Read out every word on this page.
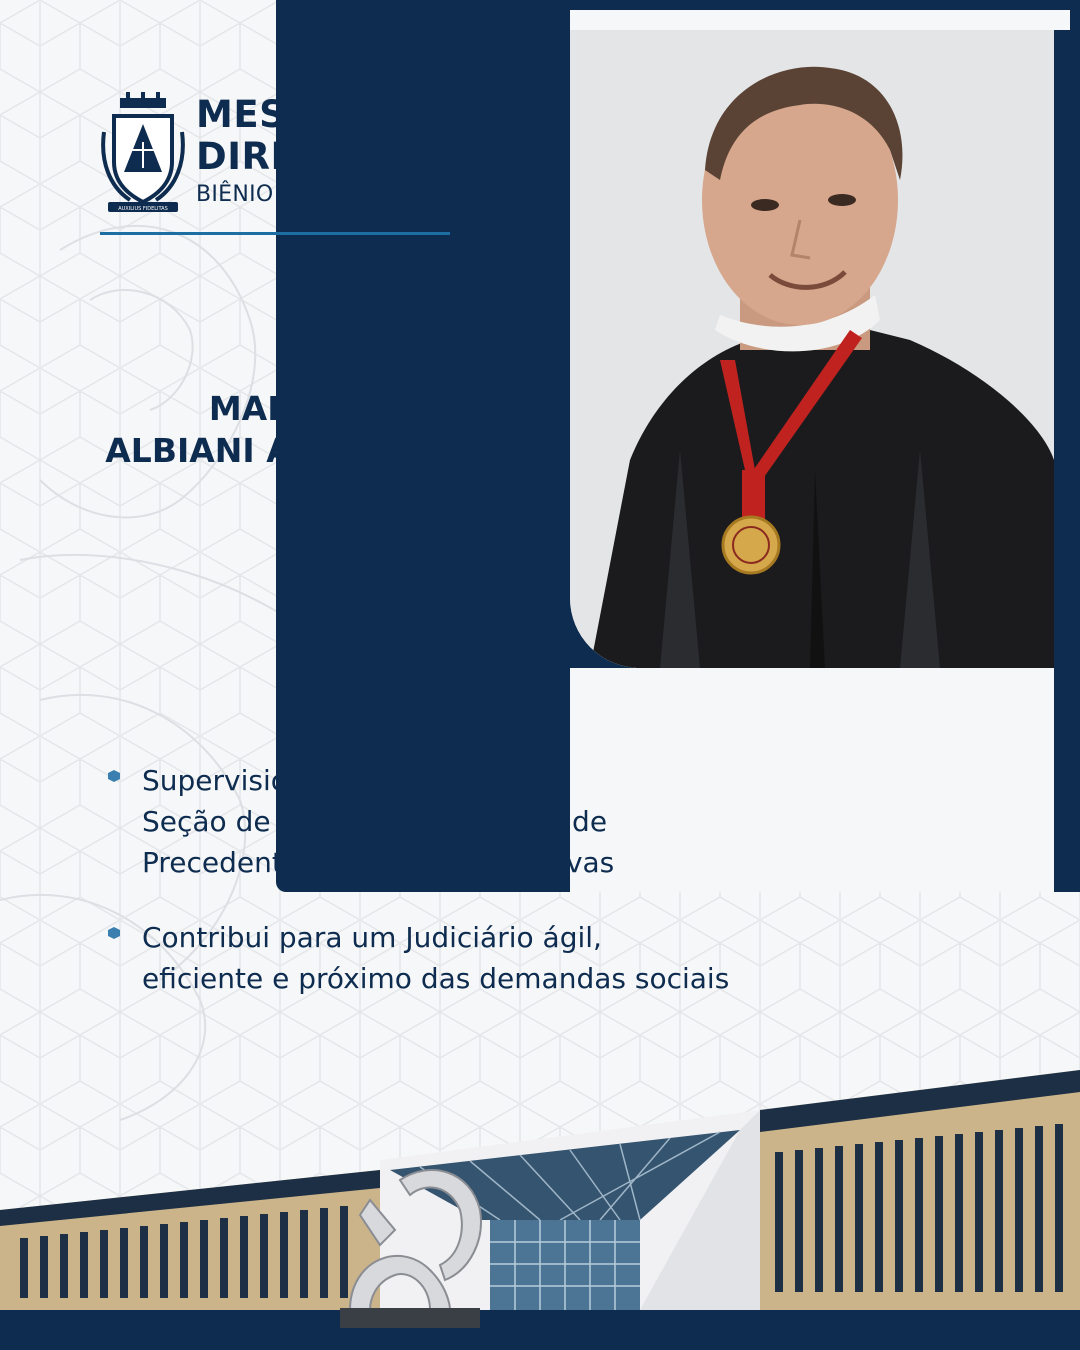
AUXILIUS FIDELITAS
MESA
DIRETORA
BIÊNIO 2026 • 2028
MARIO AUGUSTO
ALBIANI ALVES JUNIOR
2º VICE-PRESIDÊNCIA
Supervisiona e gerencia a
Seção de Recursos e o Núcleo de
Precedentes e de Ações Coletivas
Contribui para um Judiciário ágil,
eficiente e próximo das demandas sociais
